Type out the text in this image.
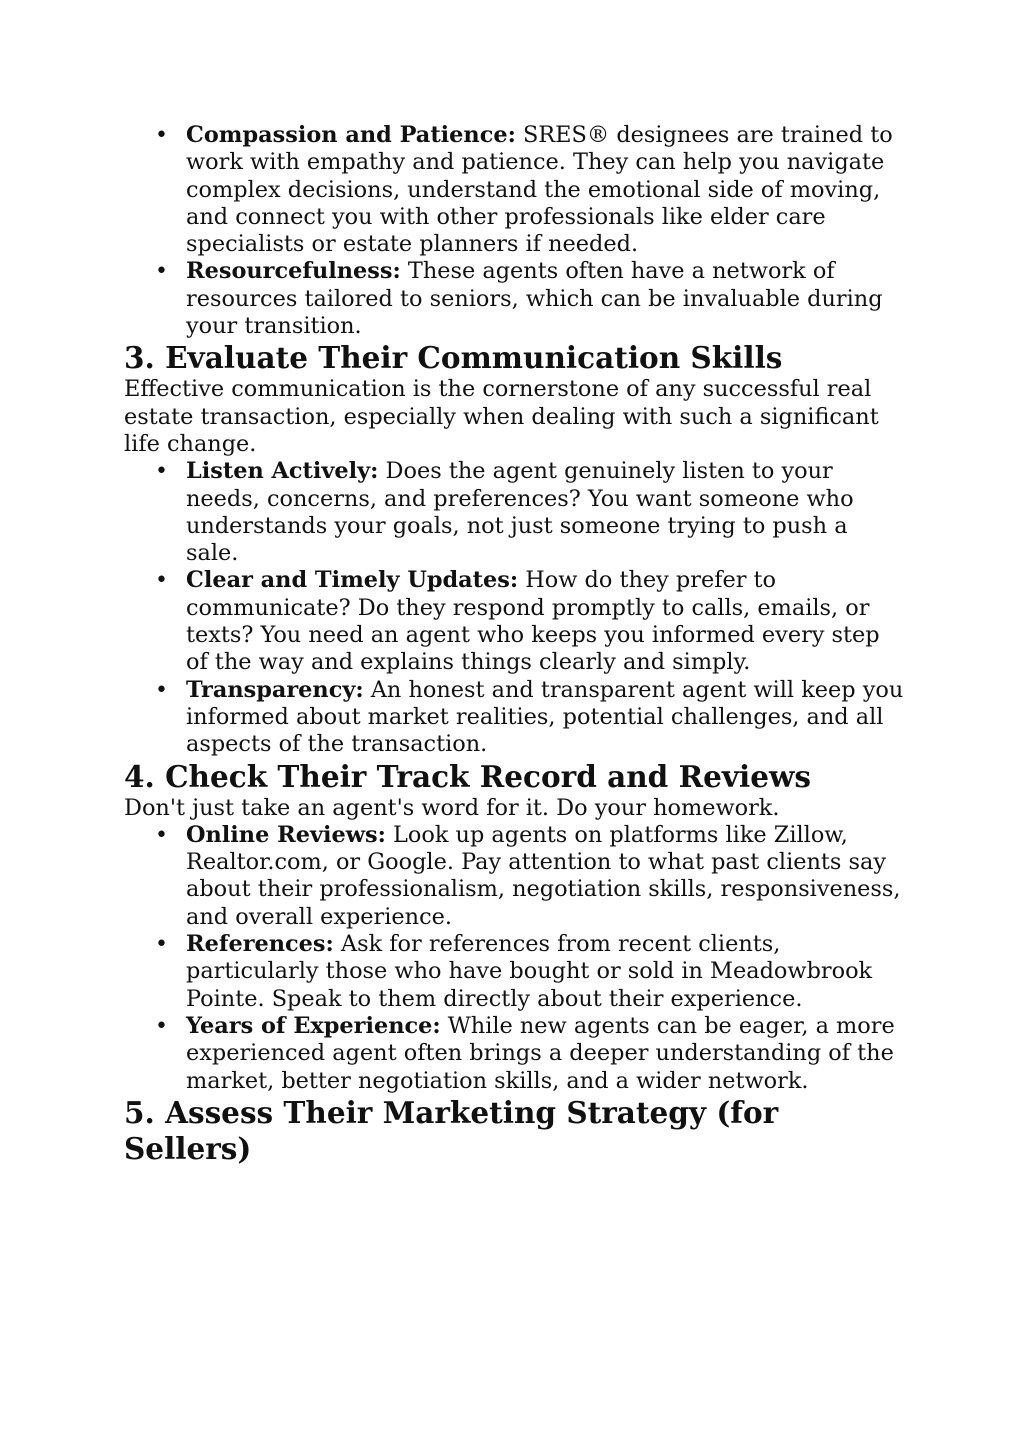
• Compassion and Patience: SRES® designees are trained to work with empathy and patience. They can help you navigate complex decisions, understand the emotional side of moving, and connect you with other professionals like elder care specialists or estate planners if needed.
• Resourcefulness: These agents often have a network of resources tailored to seniors, which can be invaluable during your transition.
3. Evaluate Their Communication Skills

Effective communication is the cornerstone of any successful real estate transaction, especially when dealing with such a significant life change.

• Listen Actively: Does the agent genuinely listen to your needs, concerns, and preferences? You want someone who understands your goals, not just someone trying to push a sale.
• Clear and Timely Updates: How do they prefer to communicate? Do they respond promptly to calls, emails, or texts? You need an agent who keeps you informed every step of the way and explains things clearly and simply.
• Transparency: An honest and transparent agent will keep you informed about market realities, potential challenges, and all aspects of the transaction.
4. Check Their Track Record and Reviews

Don't just take an agent's word for it. Do your homework.

• Online Reviews: Look up agents on platforms like Zillow, Realtor.com, or Google. Pay attention to what past clients say about their professionalism, negotiation skills, responsiveness, and overall experience.
• References: Ask for references from recent clients, particularly those who have bought or sold in Meadowbrook Pointe. Speak to them directly about their experience.
• Years of Experience: While new agents can be eager, a more experienced agent often brings a deeper understanding of the market, better negotiation skills, and a wider network.
5. Assess Their Marketing Strategy (for Sellers)
